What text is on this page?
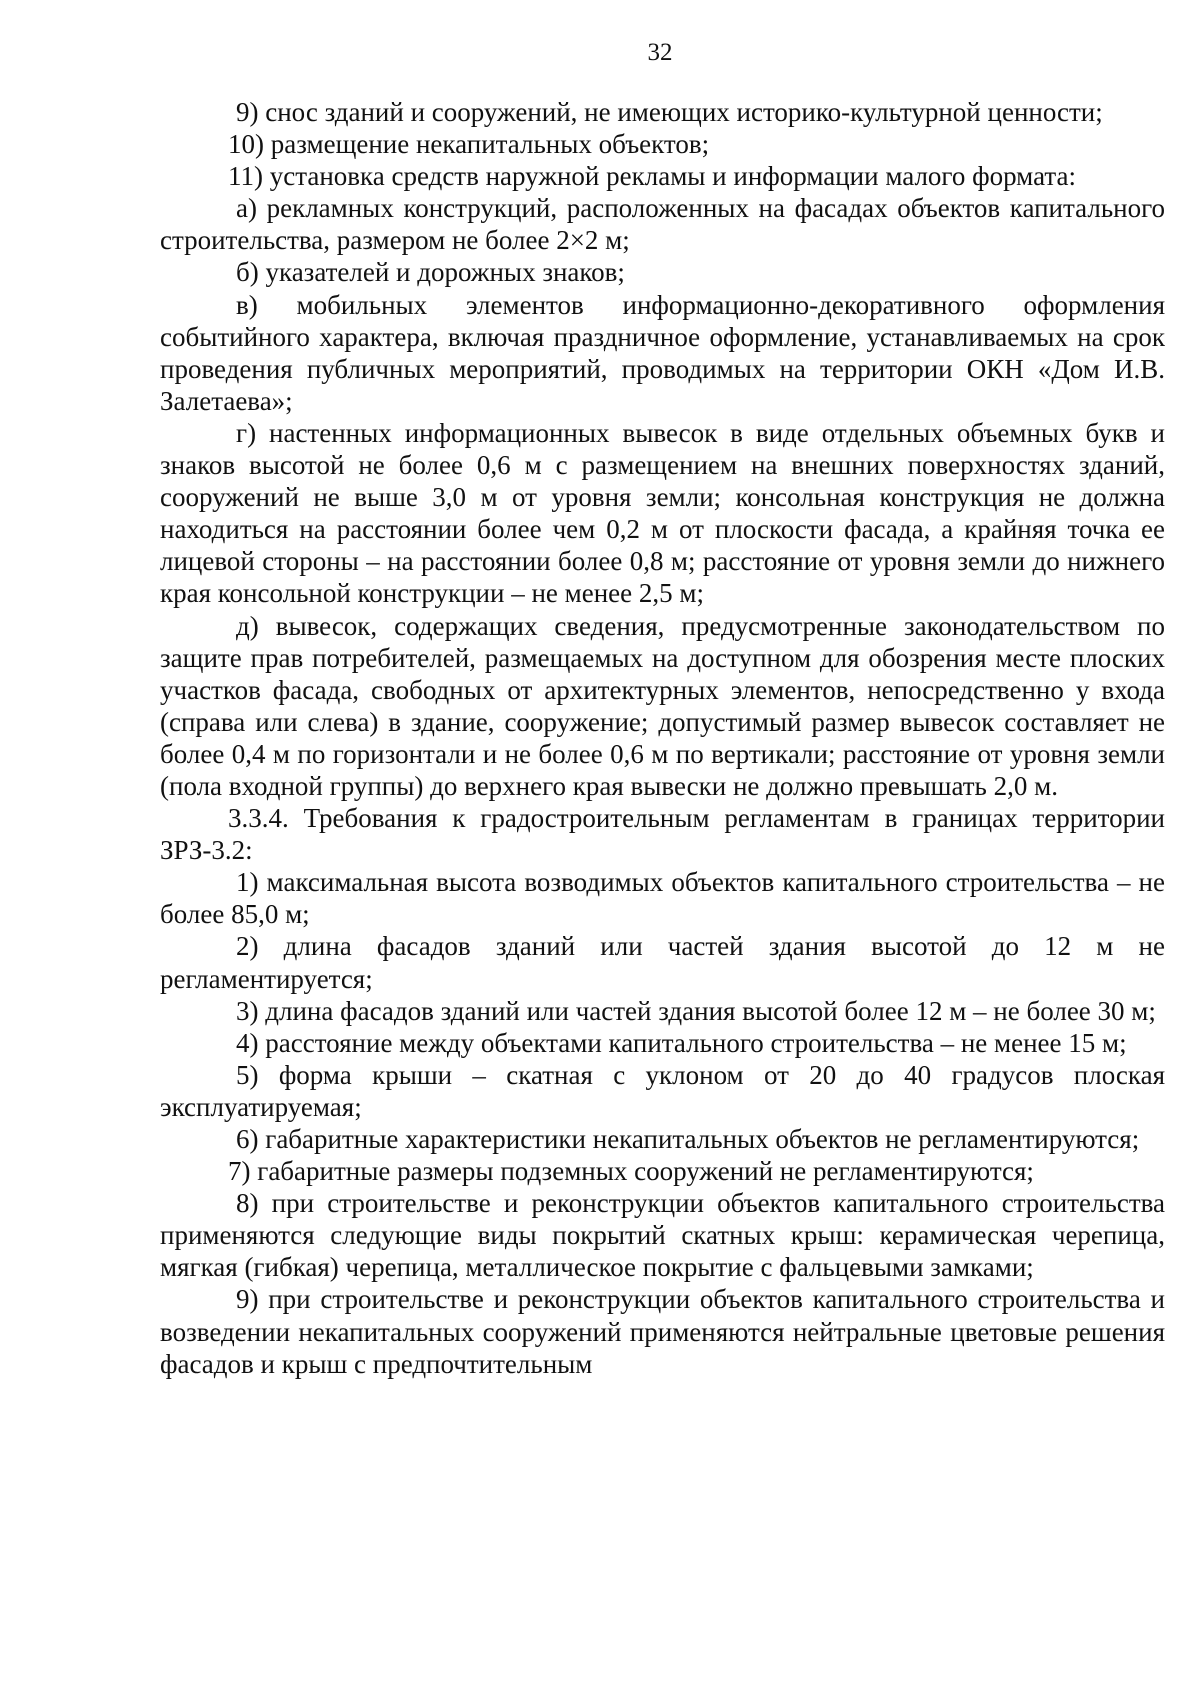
32

9) снос зданий и сооружений, не имеющих историко-культурной ценности;

10) размещение некапитальных объектов;

11) установка средств наружной рекламы и информации малого формата:

а) рекламных конструкций, расположенных на фасадах объектов капитального строительства, размером не более 2×2 м;

б) указателей и дорожных знаков;

в) мобильных элементов информационно-декоративного оформления событийного характера, включая праздничное оформление, устанавливаемых на срок проведения публичных мероприятий, проводимых на территории ОКН «Дом И.В. Залетаева»;

г) настенных информационных вывесок в виде отдельных объемных букв и знаков высотой не более 0,6 м с размещением на внешних поверхностях зданий, сооружений не выше 3,0 м от уровня земли; консольная конструкция не должна находиться на расстоянии более чем 0,2 м от плоскости фасада, а крайняя точка ее лицевой стороны – на расстоянии более 0,8 м; расстояние от уровня земли до нижнего края консольной конструкции – не менее 2,5 м;

д) вывесок, содержащих сведения, предусмотренные законодательством по защите прав потребителей, размещаемых на доступном для обозрения месте плоских участков фасада, свободных от архитектурных элементов, непосредственно у входа (справа или слева) в здание, сооружение; допустимый размер вывесок составляет не более 0,4 м по горизонтали и не более 0,6 м по вертикали; расстояние от уровня земли (пола входной группы) до верхнего края вывески не должно превышать 2,0 м.

3.3.4. Требования к градостроительным регламентам в границах территории ЗРЗ-3.2:

1) максимальная высота возводимых объектов капитального строительства – не более 85,0 м;

2) длина фасадов зданий или частей здания высотой до 12 м не регламентируется;

3) длина фасадов зданий или частей здания высотой более 12 м – не более 30 м;

4) расстояние между объектами капитального строительства – не менее 15 м;

5) форма крыши – скатная с уклоном от 20 до 40 градусов плоская эксплуатируемая;

6) габаритные характеристики некапитальных объектов не регламентируются;

7) габаритные размеры подземных сооружений не регламентируются;

8) при строительстве и реконструкции объектов капитального строительства применяются следующие виды покрытий скатных крыш: керамическая черепица, мягкая (гибкая) черепица, металлическое покрытие с фальцевыми замками;

9) при строительстве и реконструкции объектов капитального строительства и возведении некапитальных сооружений применяются нейтральные цветовые решения фасадов и крыш с предпочтительным
